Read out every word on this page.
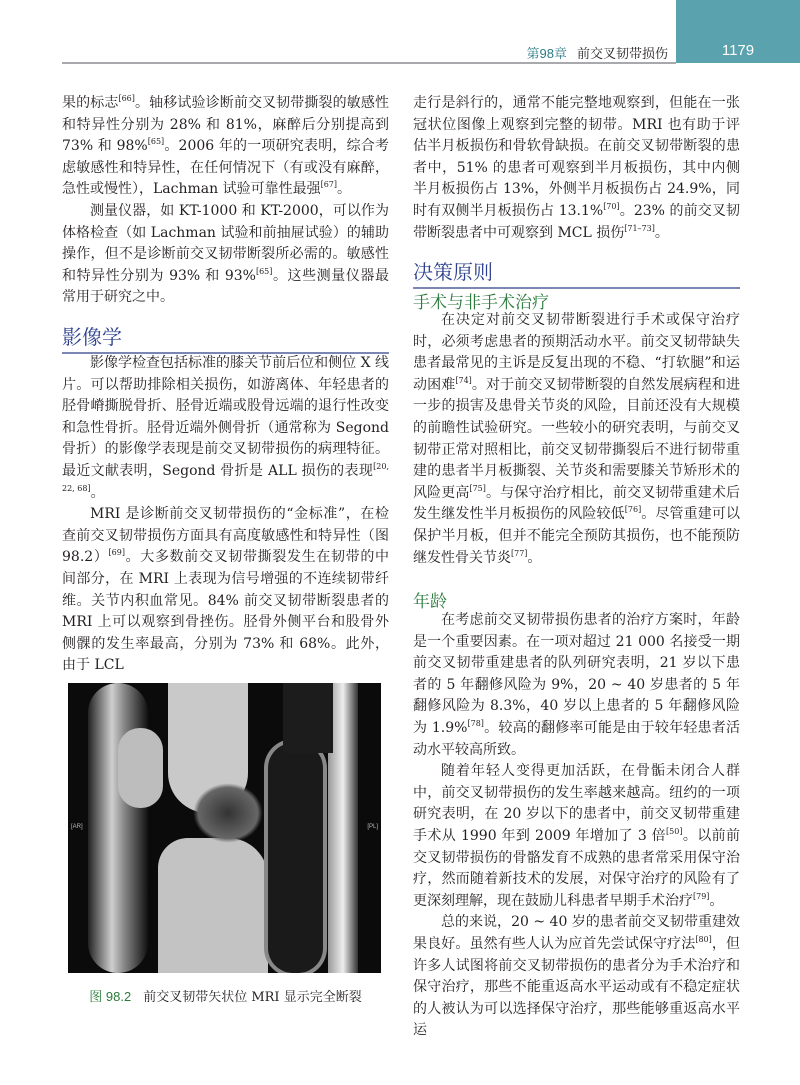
1179
第98章 前交叉韧带损伤

果的标志[66]。轴移试验诊断前交叉韧带撕裂的敏感性和特异性分别为 28% 和 81%，麻醉后分别提高到 73% 和 98%[65]。2006 年的一项研究表明，综合考虑敏感性和特异性，在任何情况下（有或没有麻醉，急性或慢性），Lachman 试验可靠性最强[67]。

测量仪器，如 KT-1000 和 KT-2000，可以作为体格检查（如 Lachman 试验和前抽屉试验）的辅助操作，但不是诊断前交叉韧带断裂所必需的。敏感性和特异性分别为 93% 和 93%[65]。这些测量仪器最常用于研究之中。

影像学

影像学检查包括标准的膝关节前后位和侧位 X 线片。可以帮助排除相关损伤，如游离体、年轻患者的胫骨嵴撕脱骨折、胫骨近端或股骨远端的退行性改变和急性骨折。胫骨近端外侧骨折（通常称为 Segond 骨折）的影像学表现是前交叉韧带损伤的病理特征。最近文献表明，Segond 骨折是 ALL 损伤的表现[20, 22, 68]。

MRI 是诊断前交叉韧带损伤的“金标准”，在检查前交叉韧带损伤方面具有高度敏感性和特异性（图 98.2）[69]。大多数前交叉韧带撕裂发生在韧带的中间部分，在 MRI 上表现为信号增强的不连续韧带纤维。关节内积血常见。84% 前交叉韧带断裂患者的 MRI 上可以观察到骨挫伤。胫骨外侧平台和股骨外侧髁的发生率最高，分别为 73% 和 68%。此外，由于 LCL

[AR]	[PL]
图 98.2 前交叉韧带矢状位 MRI 显示完全断裂

走行是斜行的，通常不能完整地观察到，但能在一张冠状位图像上观察到完整的韧带。MRI 也有助于评估半月板损伤和骨软骨缺损。在前交叉韧带断裂的患者中，51% 的患者可观察到半月板损伤，其中内侧半月板损伤占 13%，外侧半月板损伤占 24.9%，同时有双侧半月板损伤占 13.1%[70]。23% 的前交叉韧带断裂患者中可观察到 MCL 损伤[71–73]。

决策原则
手术与非手术治疗

在决定对前交叉韧带断裂进行手术或保守治疗时，必须考虑患者的预期活动水平。前交叉韧带缺失患者最常见的主诉是反复出现的不稳、“打软腿”和运动困难[74]。对于前交叉韧带断裂的自然发展病程和进一步的损害及患骨关节炎的风险，目前还没有大规模的前瞻性试验研究。一些较小的研究表明，与前交叉韧带正常对照相比，前交叉韧带撕裂后不进行韧带重建的患者半月板撕裂、关节炎和需要膝关节矫形术的风险更高[75]。与保守治疗相比，前交叉韧带重建术后发生继发性半月板损伤的风险较低[76]。尽管重建可以保护半月板，但并不能完全预防其损伤，也不能预防继发性骨关节炎[77]。

年龄

在考虑前交叉韧带损伤患者的治疗方案时，年龄是一个重要因素。在一项对超过 21 000 名接受一期前交叉韧带重建患者的队列研究表明，21 岁以下患者的 5 年翻修风险为 9%，20 ~ 40 岁患者的 5 年翻修风险为 8.3%，40 岁以上患者的 5 年翻修风险为 1.9%[78]。较高的翻修率可能是由于较年轻患者活动水平较高所致。

随着年轻人变得更加活跃，在骨骺未闭合人群中，前交叉韧带损伤的发生率越来越高。纽约的一项研究表明，在 20 岁以下的患者中，前交叉韧带重建手术从 1990 年到 2009 年增加了 3 倍[50]。以前前交叉韧带损伤的骨骼发育不成熟的患者常采用保守治疗，然而随着新技术的发展，对保守治疗的风险有了更深刻理解，现在鼓励儿科患者早期手术治疗[79]。

总的来说，20 ~ 40 岁的患者前交叉韧带重建效果良好。虽然有些人认为应首先尝试保守疗法[80]，但许多人试图将前交叉韧带损伤的患者分为手术治疗和保守治疗，那些不能重返高水平运动或有不稳定症状的人被认为可以选择保守治疗，那些能够重返高水平运
